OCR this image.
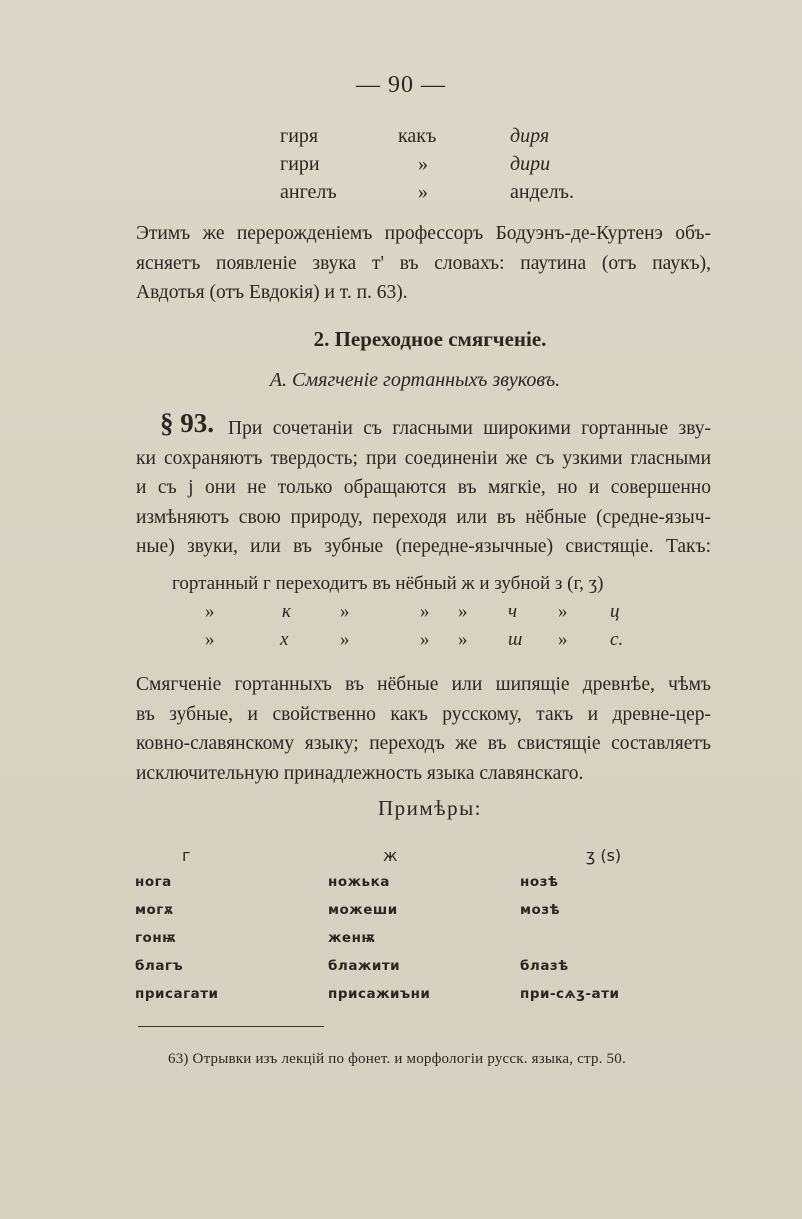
— 90 —
гиря	какъ	диря
гири	»	дири
ангелъ	»	анделъ.
Этимъ же перерожденіемъ профессоръ Бодуэнъ-де-Куртенэ объ-
ясняетъ появленіе звука т' въ словахъ: паутина (отъ паукъ),
Авдотья (отъ Евдокія) и т. п. 63).
2. Переходное смягченіе.
А. Смягченіе гортанныхъ звуковъ.
§ 93. При сочетаніи съ гласными широкими гортанные зву-
ки сохраняютъ твердость; при соединеніи же съ узкими гласными
и съ j они не только обращаются въ мягкіе, но и совершенно
измѣняютъ свою природу, переходя или въ нёбные (средне-языч-
ные) звуки, или въ зубные (передне-язычные) свистящіе. Такъ:
гортанный г переходитъ въ нёбный ж и зубной з (г, ʒ)
»	к	»	» » ч » ц
»	х	»	» » ш » с.
Смягченіе гортанныхъ въ нёбные или шипящіе древнѣе, чѣмъ
въ зубные, и свойственно какъ русскому, такъ и древне-цер-
ковно-славянскому языку; переходъ же въ свистящіе составляетъ
исключительную принадлежность языка славянскаго.
Примѣры:
г	ж	ʒ (ѕ)
нога	ножька	нозѣ
могѫ	можеши	мозѣ
гонѭ	женѭ
благъ	блажити	блазѣ
присагати	присажиъни	при-сѧʒ-ати
63) Отрывки изъ лекцій по фонет. и морфологіи русск. языка, стр. 50.
